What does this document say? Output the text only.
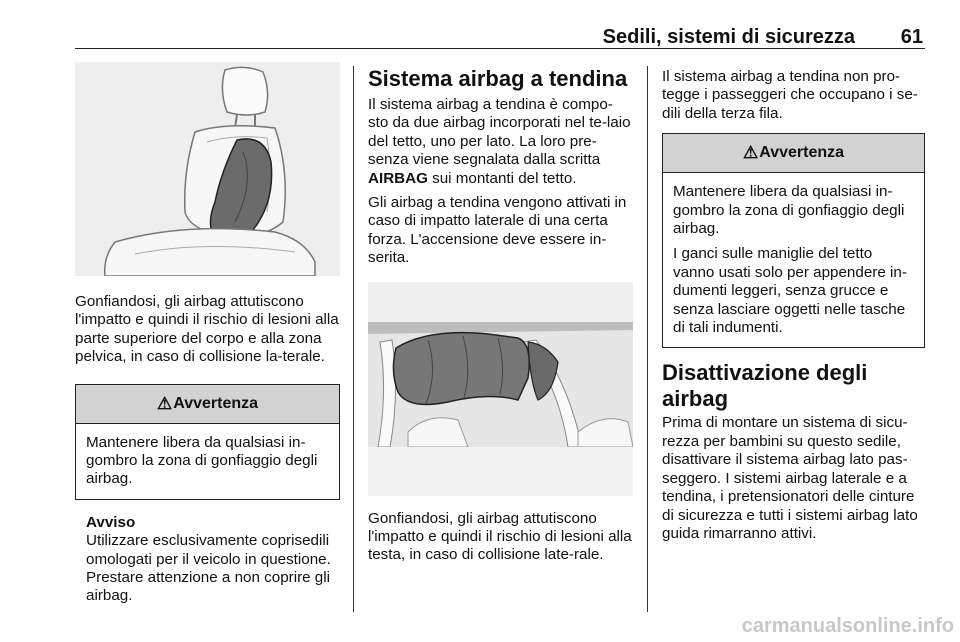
Sedili, sistemi di sicurezza 61

Gonfiandosi, gli airbag attutiscono l'impatto e quindi il rischio di lesioni alla parte superiore del corpo e alla zona pelvica, in caso di collisione la-terale.

⚠ Avvertenza

Mantenere libera da qualsiasi in-gombro la zona di gonfiaggio degli airbag.

Avviso

Utilizzare esclusivamente coprisedili omologati per il veicolo in questione. Prestare attenzione a non coprire gli airbag.

Sistema airbag a tendina

Il sistema airbag a tendina è compo-sto da due airbag incorporati nel te-laio del tetto, uno per lato. La loro pre-senza viene segnalata dalla scritta AIRBAG sui montanti del tetto.

Gli airbag a tendina vengono attivati in caso di impatto laterale di una certa forza. L'accensione deve essere in-serita.

Gonfiandosi, gli airbag attutiscono l'impatto e quindi il rischio di lesioni alla testa, in caso di collisione late-rale.

Il sistema airbag a tendina non pro-tegge i passeggeri che occupano i se-dili della terza fila.

⚠ Avvertenza

Mantenere libera da qualsiasi in-gombro la zona di gonfiaggio degli airbag.

I ganci sulle maniglie del tetto vanno usati solo per appendere in-dumenti leggeri, senza grucce e senza lasciare oggetti nelle tasche di tali indumenti.

Disattivazione degli airbag

Prima di montare un sistema di sicu-rezza per bambini su questo sedile, disattivare il sistema airbag lato pas-seggero. I sistemi airbag laterale e a tendina, i pretensionatori delle cinture di sicurezza e tutti i sistemi airbag lato guida rimarranno attivi.

carmanualsonline.info
